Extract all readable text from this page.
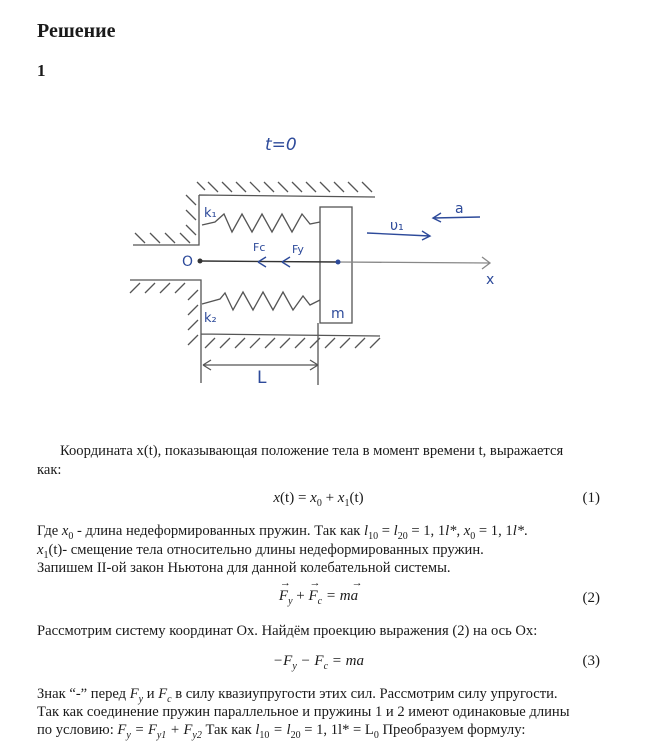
Решение
1
t=0
k₁
k₂
Fc Fy
O
x
m
L
υ₁
a
Координата x(t), показывающая положение тела в момент времени t, выражается
как:
$x(t) = x_0 + x_1(t)$	(1)
Где $x_0$ - длина недеформированных пружин. Так как $l_{10} = l_{20} = 1$, 1l*, $x_0 = 1$, 1l*.
$x_1(t)-$ смещение тела относительно длины недеформированных пружин.
Запишем II-ой закон Ньютона для данной колебательной системы.
→ $F_y$ + → $F_c = m\to a$	(2)
Рассмотрим систему координат Ox. Найдём проекцию выражения (2) на ось Ox:
$-F_y - F_c$ = ma	(3)
Знак “-” перед $F_y$ и $F_c$ в силу квазиупругости этих сил. Рассмотрим силу упругости.
Так как соединение пружин параллельное и пружины 1 и 2 имеют одинаковые длины
по условию: $F_y = F_{y1} + F_{y2}$ Так как $l_{10} = l_{20} = 1$, $1l* = L_0$ Преобразуем формулу:
